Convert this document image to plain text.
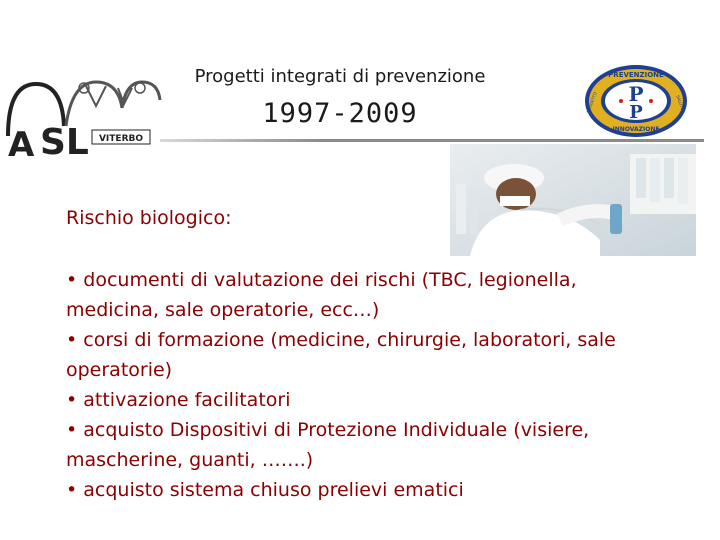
A SL VITERBO
Progetti integrati di prevenzione
1997-2009
PREVENZIONE
INNOVAZIONE
PROGETTO	SALUTE
P
P
Rischio biologico:

• documenti di valutazione dei rischi (TBC, legionella, medicina, sale operatorie, ecc…)

• corsi di formazione (medicine, chirurgie, laboratori, sale operatorie)

• attivazione facilitatori

• acquisto Dispositivi di Protezione Individuale (visiere, mascherine, guanti, …….)

• acquisto sistema chiuso prelievi ematici
